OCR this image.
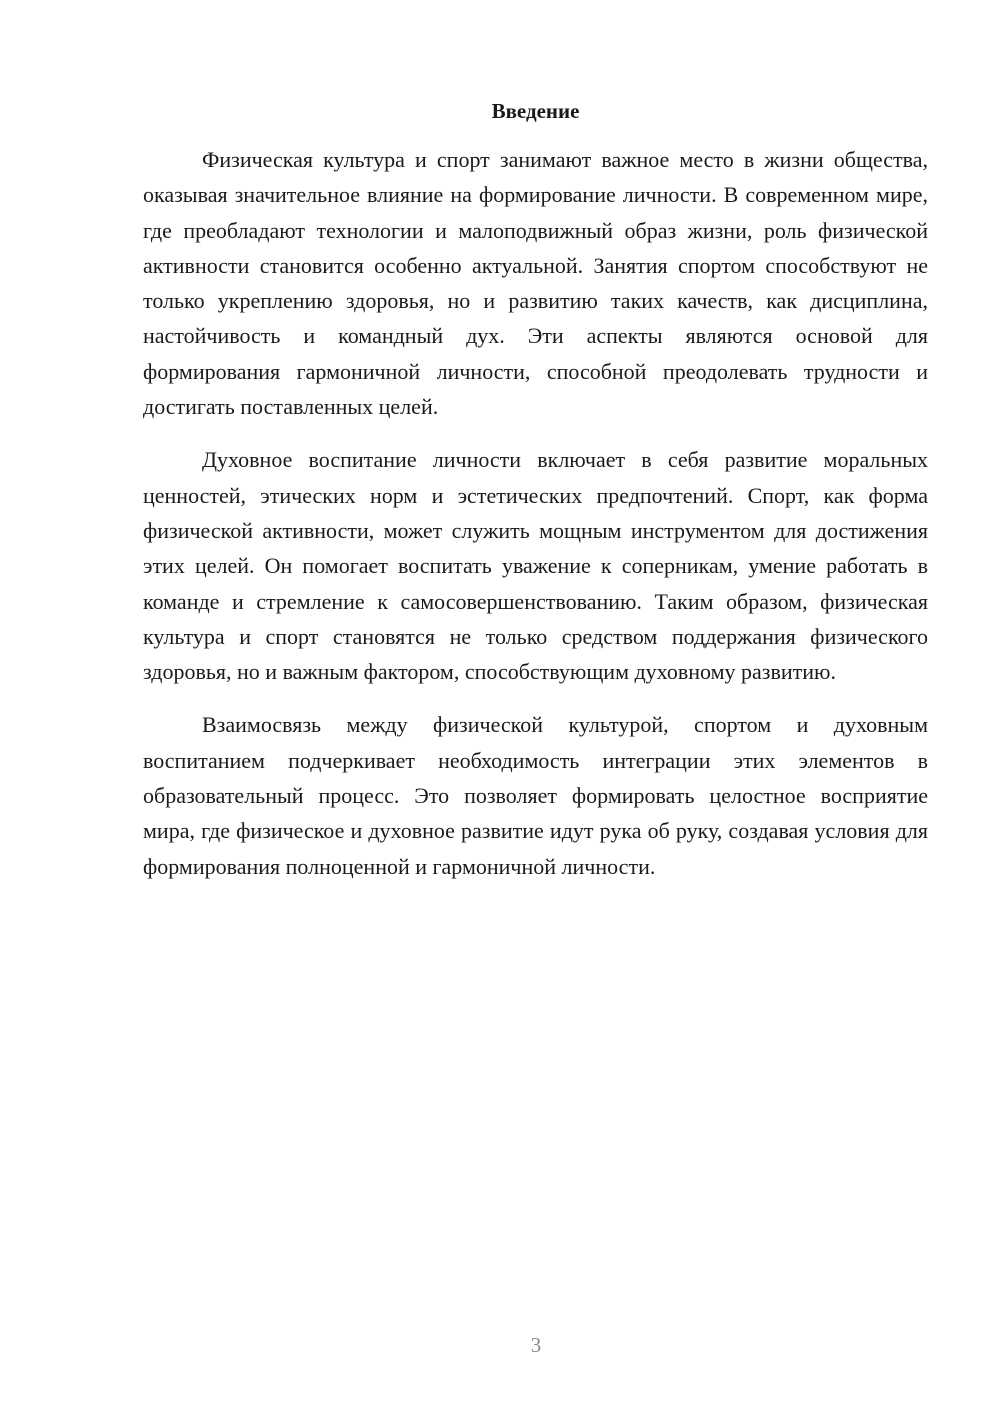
Введение

Физическая культура и спорт занимают важное место в жизни общества, оказывая значительное влияние на формирование личности. В современном мире, где преобладают технологии и малоподвижный образ жизни, роль физической активности становится особенно актуальной. Занятия спортом способствуют не только укреплению здоровья, но и развитию таких качеств, как дисциплина, настойчивость и командный дух. Эти аспекты являются основой для формирования гармоничной личности, способной преодолевать трудности и достигать поставленных целей.

Духовное воспитание личности включает в себя развитие моральных ценностей, этических норм и эстетических предпочтений. Спорт, как форма физической активности, может служить мощным инструментом для достижения этих целей. Он помогает воспитать уважение к соперникам, умение работать в команде и стремление к самосовершенствованию. Таким образом, физическая культура и спорт становятся не только средством поддержания физического здоровья, но и важным фактором, способствующим духовному развитию.

Взаимосвязь между физической культурой, спортом и духовным воспитанием подчеркивает необходимость интеграции этих элементов в образовательный процесс. Это позволяет формировать целостное восприятие мира, где физическое и духовное развитие идут рука об руку, создавая условия для формирования полноценной и гармоничной личности.

3
